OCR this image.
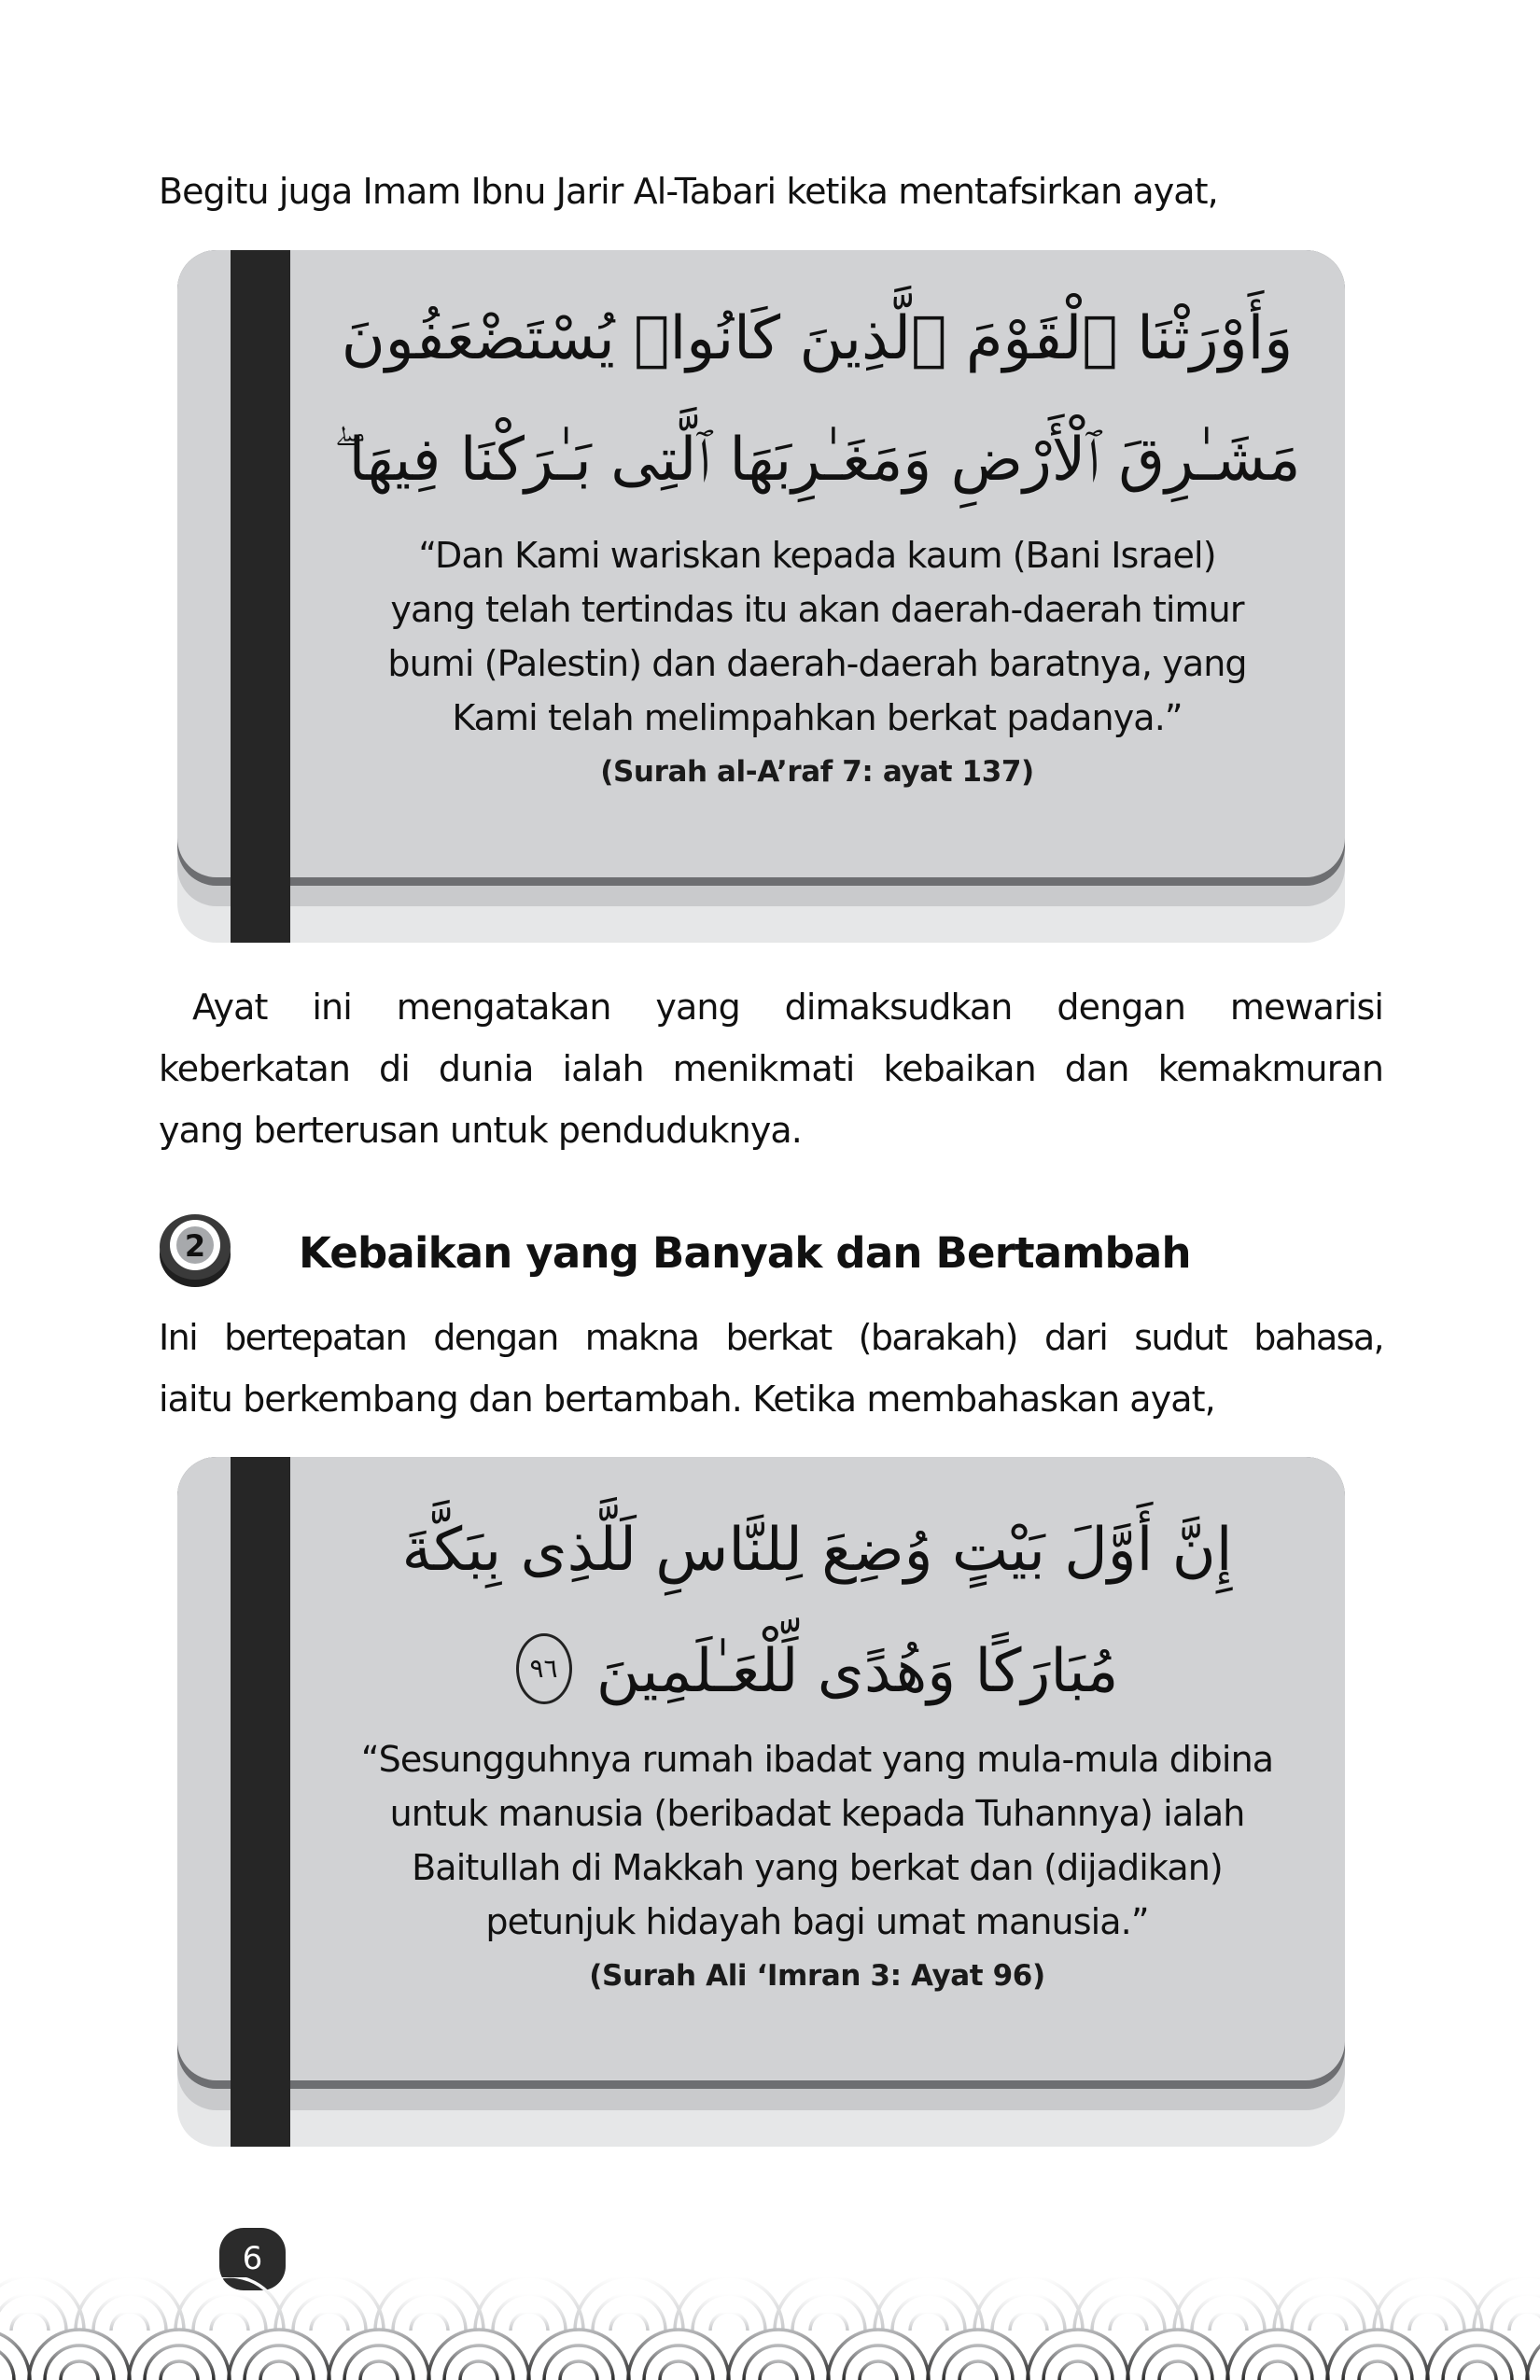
Begitu juga Imam Ibnu Jarir Al-Tabari ketika mentafsirkan ayat,

وَأَوْرَثْنَا ٱلْقَوْمَ ٱلَّذِينَ كَانُوا۟ يُسْتَضْعَفُونَ
مَشَـٰرِقَ ٱلْأَرْضِ وَمَغَـٰرِبَهَا ٱلَّتِى بَـٰرَكْنَا فِيهَا ۖ
“Dan Kami wariskan kepada kaum (Bani Israel)
yang telah tertindas itu akan daerah-daerah timur
bumi (Palestin) dan daerah-daerah baratnya, yang
Kami telah melimpahkan berkat padanya.”
(Surah al-A’raf 7: ayat 137)
Ayat ini mengatakan yang dimaksudkan dengan mewarisi
keberkatan di dunia ialah menikmati kebaikan dan kemakmuran
yang berterusan untuk penduduknya.
2 Kebaikan yang Banyak dan Bertambah
Ini bertepatan dengan makna berkat (barakah) dari sudut bahasa,
iaitu berkembang dan bertambah. Ketika membahaskan ayat,
إِنَّ أَوَّلَ بَيْتٍ وُضِعَ لِلنَّاسِ لَلَّذِى بِبَكَّةَ
مُبَارَكًا وَهُدًى لِّلْعَـٰلَمِينَ ٩٦
“Sesungguhnya rumah ibadat yang mula-mula dibina
untuk manusia (beribadat kepada Tuhannya) ialah
Baitullah di Makkah yang berkat dan (dijadikan)
petunjuk hidayah bagi umat manusia.”
(Surah Ali ‘Imran 3: Ayat 96)
6
